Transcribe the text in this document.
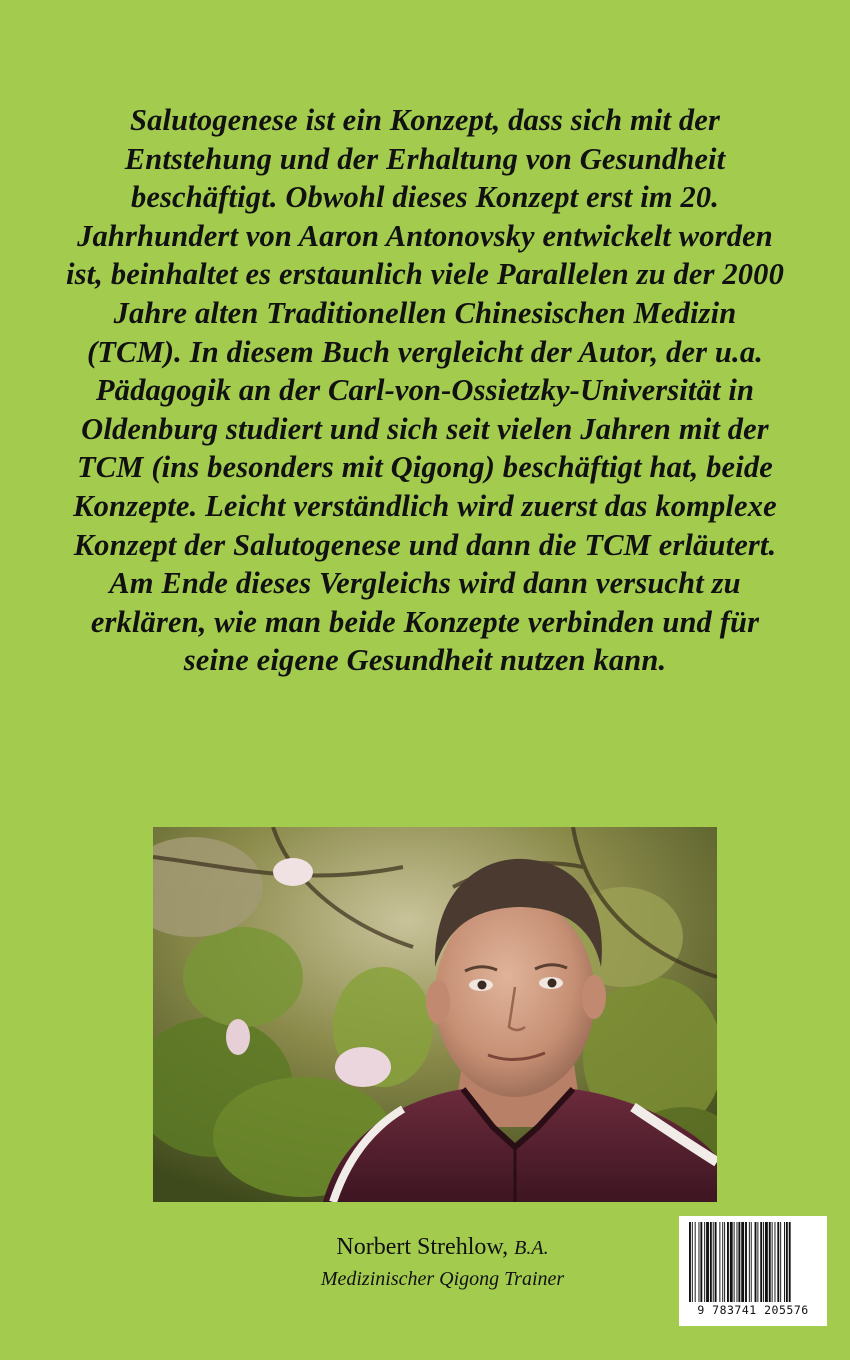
Salutogenese ist ein Konzept, dass sich mit der
Entstehung und der Erhaltung von Gesundheit
beschäftigt. Obwohl dieses Konzept erst im 20.
Jahrhundert von Aaron Antonovsky entwickelt worden
ist, beinhaltet es erstaunlich viele Parallelen zu der 2000
Jahre alten Traditionellen Chinesischen Medizin
(TCM). In diesem Buch vergleicht der Autor, der u.a.
Pädagogik an der Carl-von-Ossietzky-Universität in
Oldenburg studiert und sich seit vielen Jahren mit der
TCM (ins besonders mit Qigong) beschäftigt hat, beide
Konzepte. Leicht verständlich wird zuerst das komplexe
Konzept der Salutogenese und dann die TCM erläutert.
Am Ende dieses Vergleichs wird dann versucht zu
erklären, wie man beide Konzepte verbinden und für
seine eigene Gesundheit nutzen kann.
Norbert Strehlow, B.A.
Medizinischer Qigong Trainer
9 783741 205576
